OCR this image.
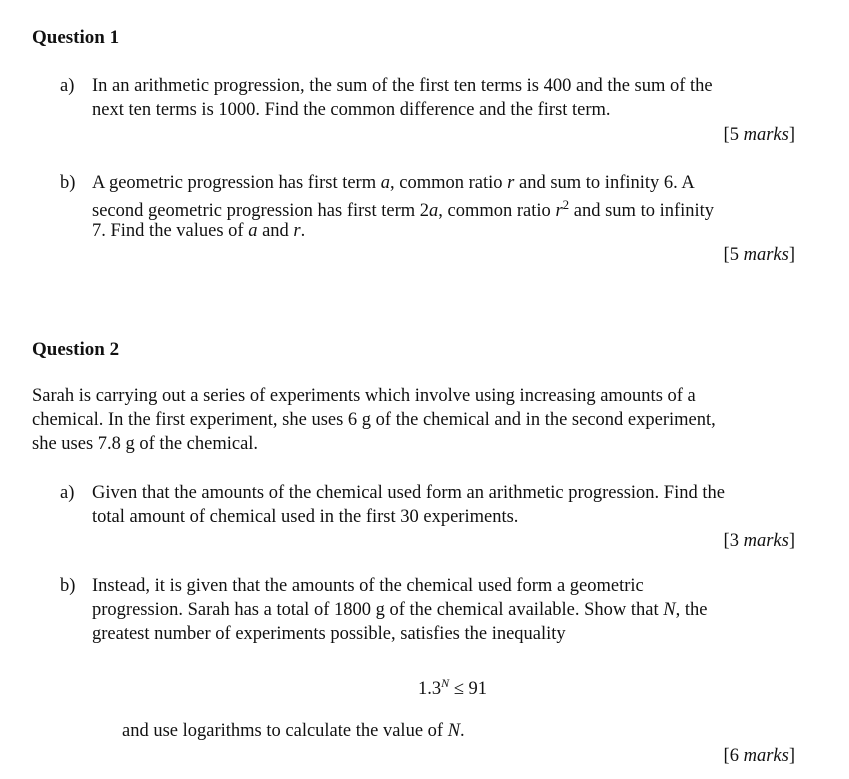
Question 1
a) In an arithmetic progression, the sum of the first ten terms is 400 and the sum of the
next ten terms is 1000. Find the common difference and the first term.
[5 marks]
b) A geometric progression has first term a, common ratio r and sum to infinity 6. A
second geometric progression has first term 2a, common ratio $r^2$ and sum to infinity
7. Find the values of a and r.
[5 marks]
Question 2
Sarah is carrying out a series of experiments which involve using increasing amounts of a
chemical. In the first experiment, she uses 6 g of the chemical and in the second experiment,
she uses 7.8 g of the chemical.
a) Given that the amounts of the chemical used form an arithmetic progression. Find the
total amount of chemical used in the first 30 experiments.
[3 marks]
b) Instead, it is given that the amounts of the chemical used form a geometric
progression. Sarah has a total of 1800 g of the chemical available. Show that N, the
greatest number of experiments possible, satisfies the inequality
$1.3^N \le 91$
and use logarithms to calculate the value of N.
[6 marks]
